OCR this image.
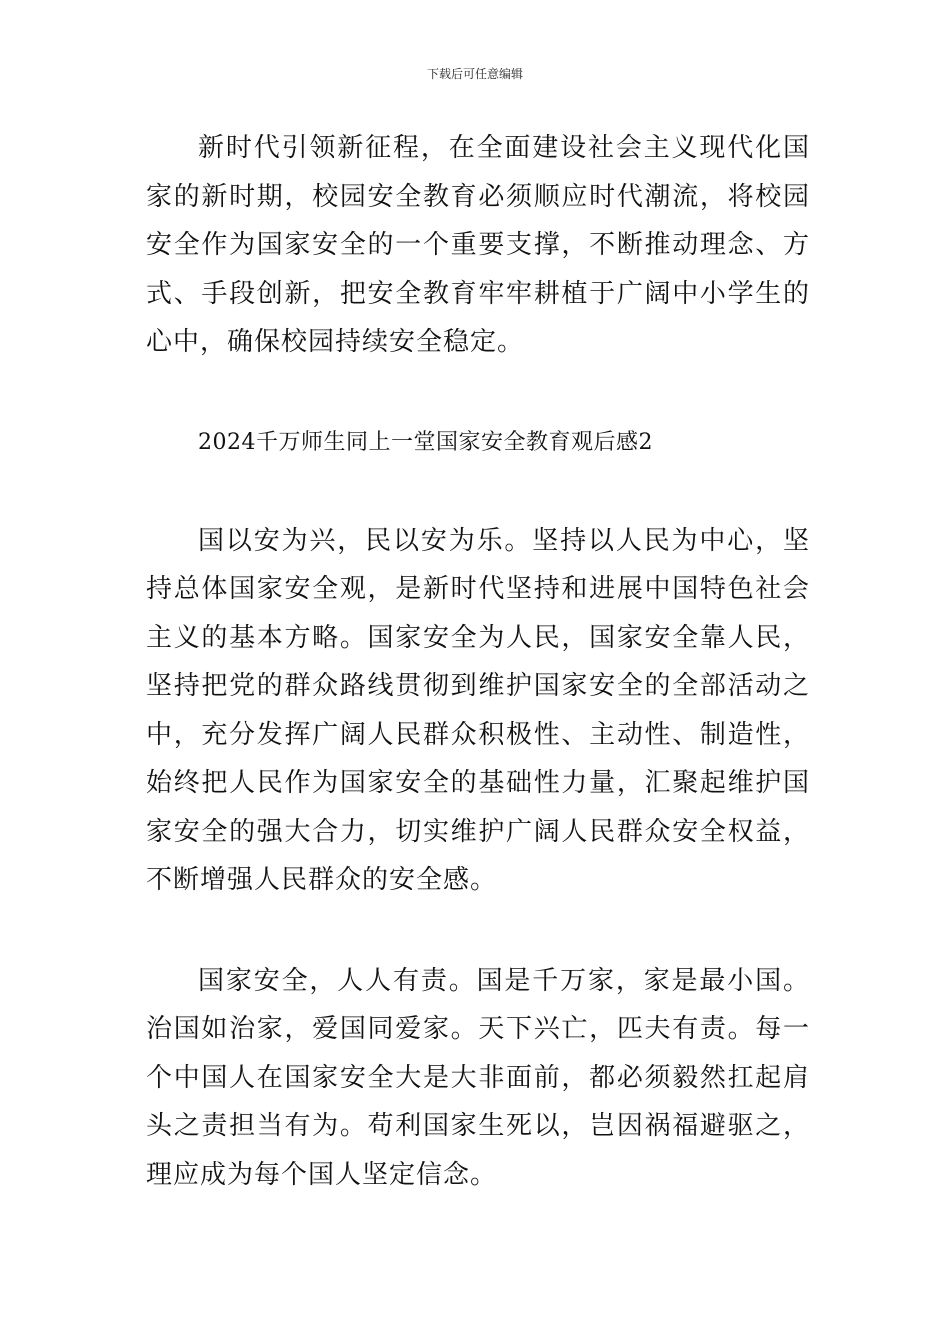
下载后可任意编辑

新时代引领新征程，在全面建设社会主义现代化国家的新时期，校园安全教育必须顺应时代潮流，将校园安全作为国家安全的一个重要支撑，不断推动理念、方式、手段创新，把安全教育牢牢耕植于广阔中小学生的心中，确保校园持续安全稳定。

2024千万师生同上一堂国家安全教育观后感2

国以安为兴，民以安为乐。坚持以人民为中心，坚持总体国家安全观，是新时代坚持和进展中国特色社会主义的基本方略。国家安全为人民，国家安全靠人民，坚持把党的群众路线贯彻到维护国家安全的全部活动之中，充分发挥广阔人民群众积极性、主动性、制造性，始终把人民作为国家安全的基础性力量，汇聚起维护国家安全的强大合力，切实维护广阔人民群众安全权益，不断增强人民群众的安全感。

国家安全，人人有责。国是千万家，家是最小国。治国如治家，爱国同爱家。天下兴亡，匹夫有责。每一个中国人在国家安全大是大非面前，都必须毅然扛起肩头之责担当有为。苟利国家生死以，岂因祸福避驱之，理应成为每个国人坚定信念。
